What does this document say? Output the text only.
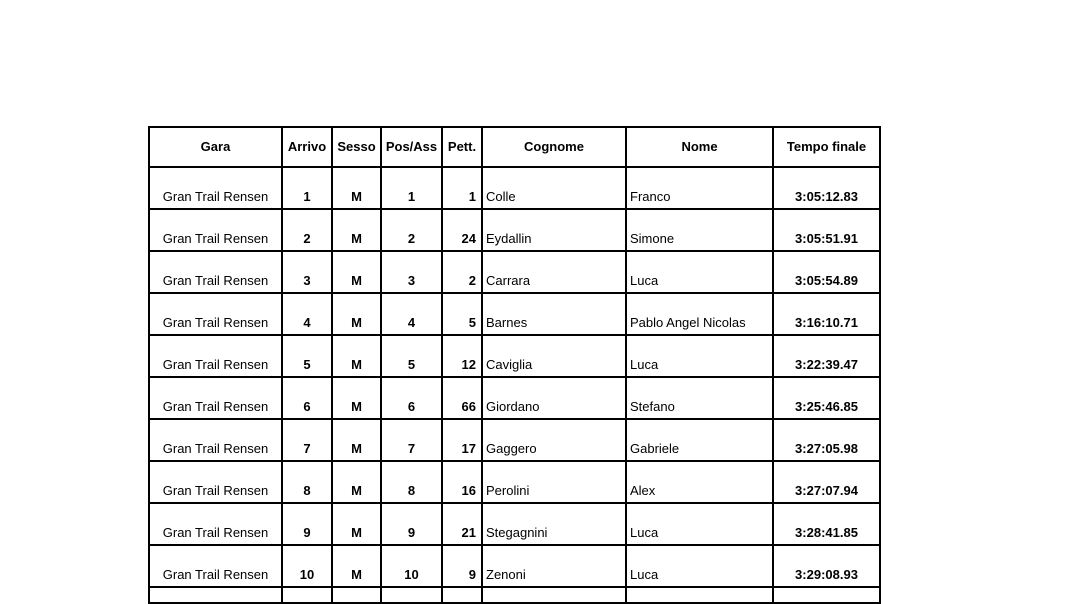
Gara	Arrivo	Sesso	Pos/Ass	Pett.	Cognome	Nome	Tempo finale
Gran Trail Rensen	1	M	1	1	Colle	Franco	3:05:12.83
Gran Trail Rensen	2	M	2	24	Eydallin	Simone	3:05:51.91
Gran Trail Rensen	3	M	3	2	Carrara	Luca	3:05:54.89
Gran Trail Rensen	4	M	4	5	Barnes	Pablo Angel Nicolas	3:16:10.71
Gran Trail Rensen	5	M	5	12	Caviglia	Luca	3:22:39.47
Gran Trail Rensen	6	M	6	66	Giordano	Stefano	3:25:46.85
Gran Trail Rensen	7	M	7	17	Gaggero	Gabriele	3:27:05.98
Gran Trail Rensen	8	M	8	16	Perolini	Alex	3:27:07.94
Gran Trail Rensen	9	M	9	21	Stegagnini	Luca	3:28:41.85
Gran Trail Rensen	10	M	10	9	Zenoni	Luca	3:29:08.93
